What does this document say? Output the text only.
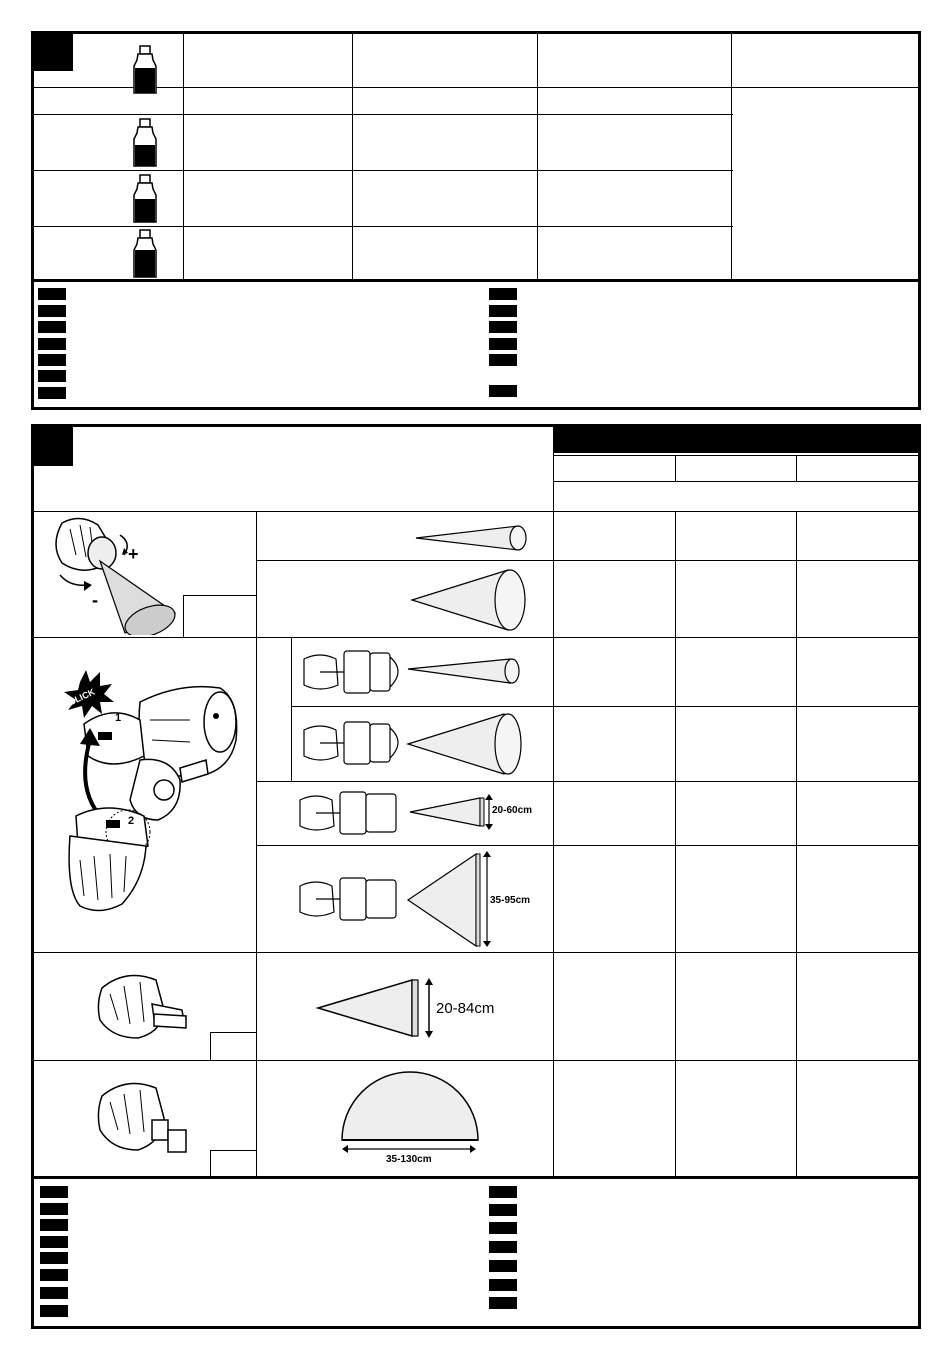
+
-
CLICK
1
2
20-60cm
35-95cm
20-84cm
35-130cm
